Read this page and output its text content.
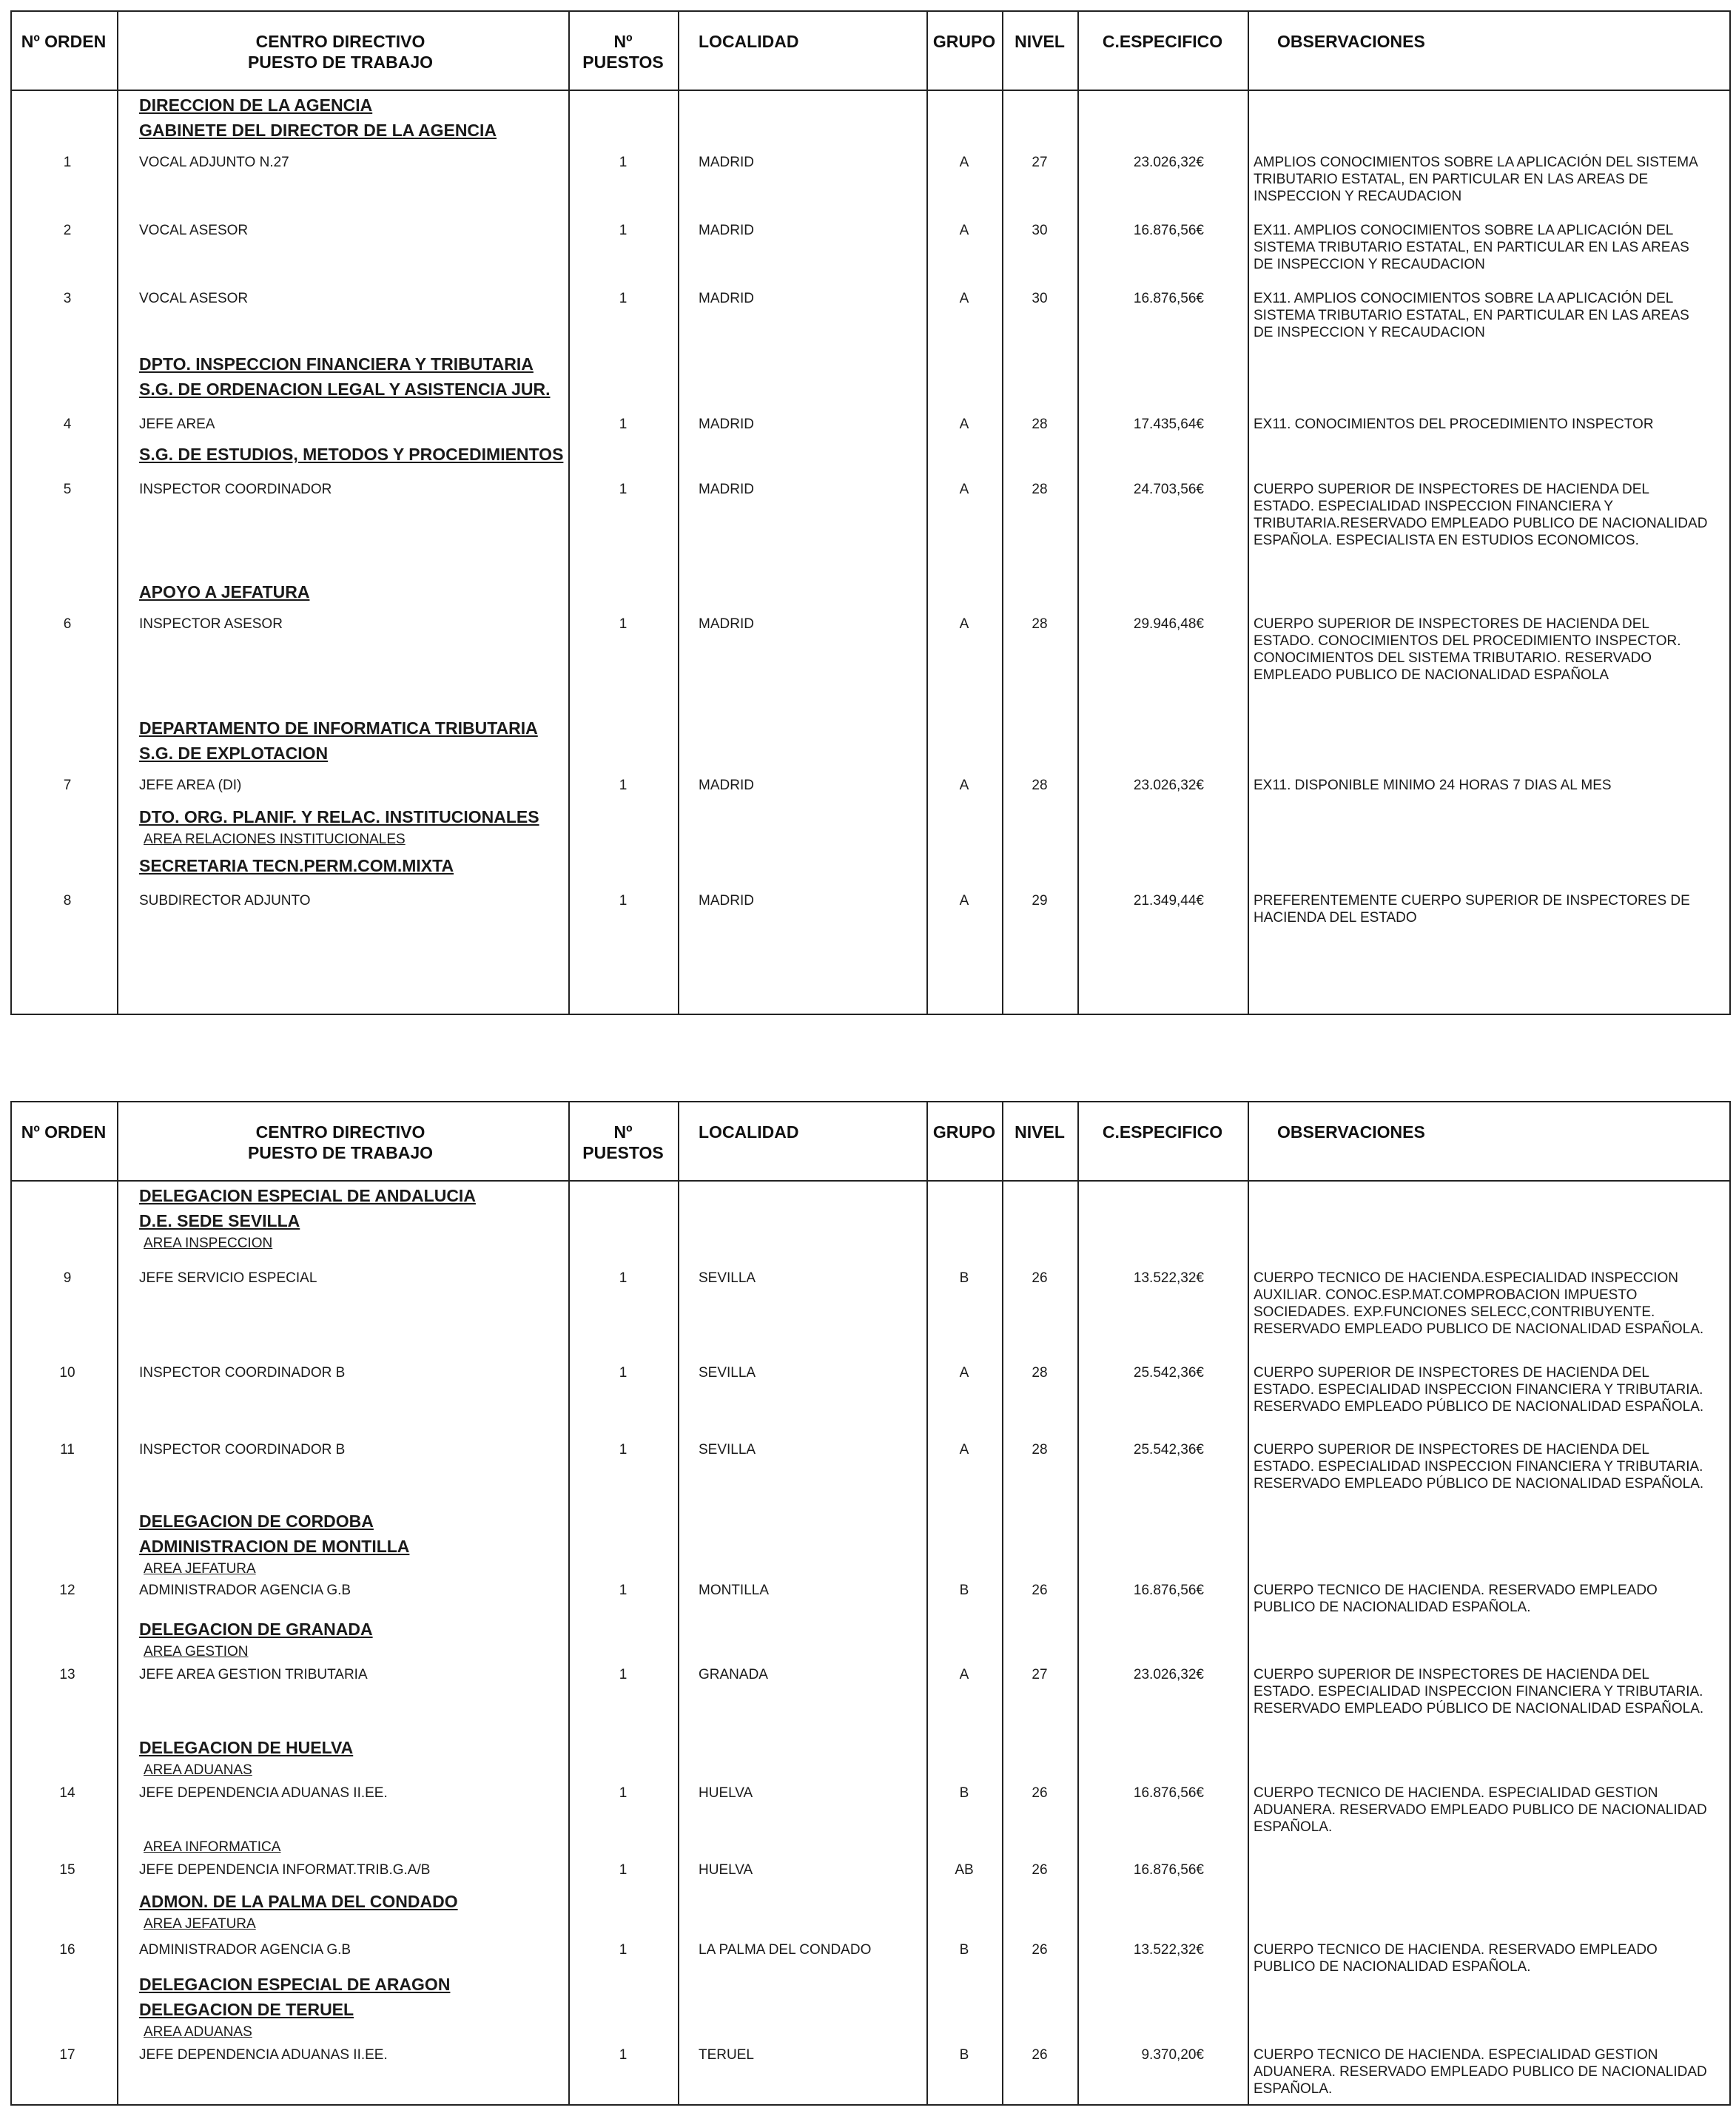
Nº ORDEN	CENTRO DIRECTIVO
PUESTO DE TRABAJO
Nº
PUESTOS
LOCALIDAD	GRUPO NIVEL C.ESPECIFICO	OBSERVACIONES
DIRECCION DE LA AGENCIA
GABINETE DEL DIRECTOR DE LA AGENCIA
DPTO. INSPECCION FINANCIERA Y TRIBUTARIA
S.G. DE ORDENACION LEGAL Y ASISTENCIA JUR.
S.G. DE ESTUDIOS, METODOS Y PROCEDIMIENTOS
APOYO A JEFATURA
DEPARTAMENTO DE INFORMATICA TRIBUTARIA
S.G. DE EXPLOTACION
DTO. ORG. PLANIF. Y RELAC. INSTITUCIONALES
AREA RELACIONES INSTITUCIONALES
SECRETARIA TECN.PERM.COM.MIXTA
1	VOCAL ADJUNTO N.27	1	MADRID	A	27	23.026,32€	AMPLIOS CONOCIMIENTOS SOBRE LA APLICACIÓN DEL SISTEMA TRIBUTARIO ESTATAL, EN PARTICULAR EN LAS AREAS DE INSPECCION Y RECAUDACION
2	VOCAL ASESOR	1	MADRID	A	30	16.876,56€	EX11. AMPLIOS CONOCIMIENTOS SOBRE LA APLICACIÓN DEL SISTEMA TRIBUTARIO ESTATAL, EN PARTICULAR EN LAS AREAS DE INSPECCION Y RECAUDACION
3	VOCAL ASESOR	1	MADRID	A	30	16.876,56€	EX11. AMPLIOS CONOCIMIENTOS SOBRE LA APLICACIÓN DEL SISTEMA TRIBUTARIO ESTATAL, EN PARTICULAR EN LAS AREAS DE INSPECCION Y RECAUDACION
4	JEFE AREA	1	MADRID	A	28	17.435,64€	EX11. CONOCIMIENTOS DEL PROCEDIMIENTO INSPECTOR
5	INSPECTOR COORDINADOR	1	MADRID	A	28	24.703,56€	CUERPO SUPERIOR DE INSPECTORES DE HACIENDA DEL ESTADO. ESPECIALIDAD INSPECCION FINANCIERA Y TRIBUTARIA.RESERVADO EMPLEADO PUBLICO DE NACIONALIDAD ESPAÑOLA. ESPECIALISTA EN ESTUDIOS ECONOMICOS.
6	INSPECTOR ASESOR	1	MADRID	A	28	29.946,48€	CUERPO SUPERIOR DE INSPECTORES DE HACIENDA DEL ESTADO. CONOCIMIENTOS DEL PROCEDIMIENTO INSPECTOR. CONOCIMIENTOS DEL SISTEMA TRIBUTARIO. RESERVADO EMPLEADO PUBLICO DE NACIONALIDAD ESPAÑOLA
7	JEFE AREA (DI)	1	MADRID	A	28	23.026,32€	EX11. DISPONIBLE MINIMO 24 HORAS 7 DIAS AL MES
8	SUBDIRECTOR ADJUNTO	1	MADRID	A	29	21.349,44€	PREFERENTEMENTE CUERPO SUPERIOR DE INSPECTORES DE HACIENDA DEL ESTADO
Nº ORDEN	CENTRO DIRECTIVO
PUESTO DE TRABAJO
Nº
PUESTOS
LOCALIDAD	GRUPO NIVEL C.ESPECIFICO	OBSERVACIONES
DELEGACION ESPECIAL DE ANDALUCIA
D.E. SEDE SEVILLA
AREA INSPECCION
DELEGACION DE CORDOBA
ADMINISTRACION DE MONTILLA
AREA JEFATURA
DELEGACION DE GRANADA
AREA GESTION
DELEGACION DE HUELVA
AREA ADUANAS
AREA INFORMATICA
ADMON. DE LA PALMA DEL CONDADO
AREA JEFATURA
DELEGACION ESPECIAL DE ARAGON
DELEGACION DE TERUEL
AREA ADUANAS
9	JEFE SERVICIO ESPECIAL	1	SEVILLA	B	26	13.522,32€	CUERPO TECNICO DE HACIENDA.ESPECIALIDAD INSPECCION AUXILIAR. CONOC.ESP.MAT.COMPROBACION IMPUESTO SOCIEDADES. EXP.FUNCIONES SELECC,CONTRIBUYENTE. RESERVADO EMPLEADO PUBLICO DE NACIONALIDAD ESPAÑOLA.
10	INSPECTOR COORDINADOR B	1	SEVILLA	A	28	25.542,36€	CUERPO SUPERIOR DE INSPECTORES DE HACIENDA DEL ESTADO. ESPECIALIDAD INSPECCION FINANCIERA Y TRIBUTARIA. RESERVADO EMPLEADO PÚBLICO DE NACIONALIDAD ESPAÑOLA.
11	INSPECTOR COORDINADOR B	1	SEVILLA	A	28	25.542,36€	CUERPO SUPERIOR DE INSPECTORES DE HACIENDA DEL ESTADO. ESPECIALIDAD INSPECCION FINANCIERA Y TRIBUTARIA. RESERVADO EMPLEADO PÚBLICO DE NACIONALIDAD ESPAÑOLA.
12	ADMINISTRADOR AGENCIA G.B	1	MONTILLA	B	26	16.876,56€	CUERPO TECNICO DE HACIENDA. RESERVADO EMPLEADO PUBLICO DE NACIONALIDAD ESPAÑOLA.
13	JEFE AREA GESTION TRIBUTARIA	1	GRANADA	A	27	23.026,32€	CUERPO SUPERIOR DE INSPECTORES DE HACIENDA DEL ESTADO. ESPECIALIDAD INSPECCION FINANCIERA Y TRIBUTARIA. RESERVADO EMPLEADO PÚBLICO DE NACIONALIDAD ESPAÑOLA.
14	JEFE DEPENDENCIA ADUANAS II.EE.	1	HUELVA	B	26	16.876,56€	CUERPO TECNICO DE HACIENDA. ESPECIALIDAD GESTION ADUANERA. RESERVADO EMPLEADO PUBLICO DE NACIONALIDAD ESPAÑOLA.
15	JEFE DEPENDENCIA INFORMAT.TRIB.G.A/B	1	HUELVA	AB	26	16.876,56€
16	ADMINISTRADOR AGENCIA G.B	1	LA PALMA DEL CONDADO	B	26	13.522,32€	CUERPO TECNICO DE HACIENDA. RESERVADO EMPLEADO PUBLICO DE NACIONALIDAD ESPAÑOLA.
17	JEFE DEPENDENCIA ADUANAS II.EE.	1	TERUEL	B	26	9.370,20€	CUERPO TECNICO DE HACIENDA. ESPECIALIDAD GESTION ADUANERA. RESERVADO EMPLEADO PUBLICO DE NACIONALIDAD ESPAÑOLA.
